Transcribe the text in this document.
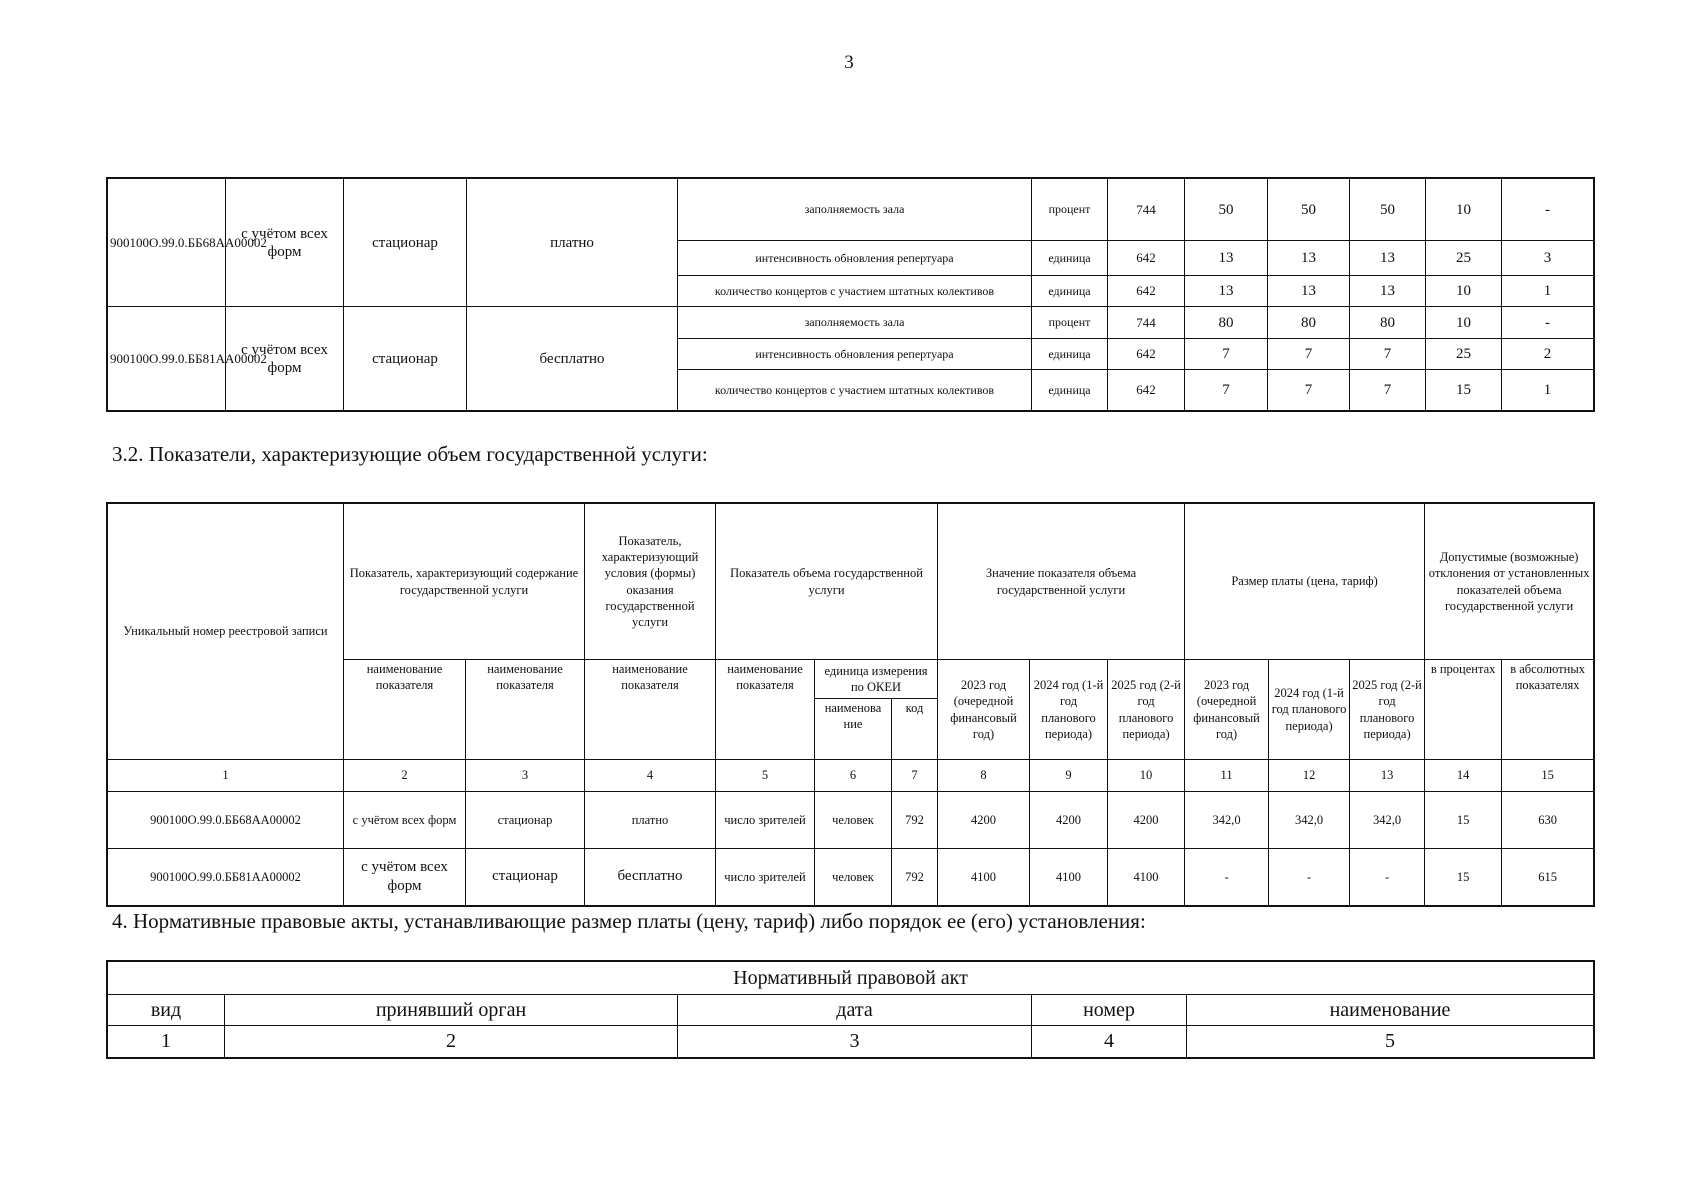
3
900100О.99.0.ББ68АА00002	с учётом всех форм	стационар	платно	заполняемость зала	процент	744	50	50	50	10	-
				интенсивность обновления репертуара	единица	642	13	13	13	25	3
				количество концертов с участием штатных колективов	единица	642	13	13	13	10	1
900100О.99.0.ББ81АА00002	с учётом всех форм	стационар	бесплатно	заполняемость зала	процент	744	80	80	80	10	-
				интенсивность обновления репертуара	единица	642	7	7	7	25	2
				количество концертов с участием штатных колективов	единица	642	7	7	7	15	1
3.2. Показатели, характеризующие объем государственной услуги:
Уникальный номер реестровой записи	Показатель, характеризующий содержание государственной услуги		Показатель, характеризующий условия (формы) оказания государственной услуги	Показатель объема государственной услуги			Значение показателя объема государственной услуги			Размер платы (цена, тариф)			Допустимые (возможные) отклонения от установленных показателей объема государственной услуги	
	наименование показателя	наименование показателя	наименование показателя	наименование показателя	единица измерения по ОКЕИ		2023 год (очередной финансовый год)	2024 год (1-й год планового периода)	2025 год (2-й год планового периода)	2023 год (очередной финансовый год)	2024 год (1-й год планового периода)	2025 год (2-й год планового периода)	в процентах	в абсолютных показателях
					наименова ние	код								
1	2	3	4	5	6	7	8	9	10	11	12	13	14	15
900100О.99.0.ББ68АА00002	с учётом всех форм	стационар	платно	число зрителей	человек	792	4200	4200	4200	342,0	342,0	342,0	15	630
900100О.99.0.ББ81АА00002	с учётом всех форм	стационар	бесплатно	число зрителей	человек	792	4100	4100	4100	-	-	-	15	615
4. Нормативные правовые акты, устанавливающие размер платы (цену, тариф) либо порядок ее (его) установления:
Нормативный правовой акт				
вид	принявший орган	дата	номер	наименование
1	2	3	4	5
